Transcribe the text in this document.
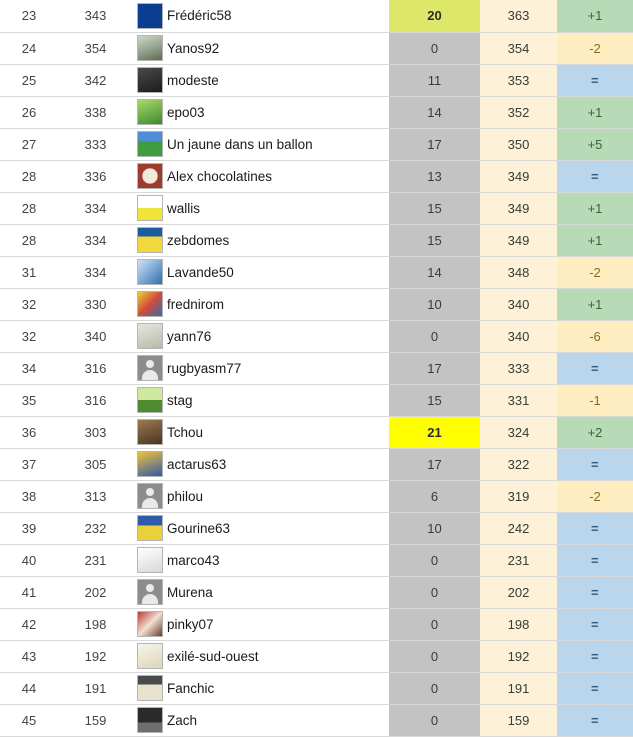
23	343		Frédéric58	20	363	+1
24	354		Yanos92	0	354	-2
25	342		modeste	11	353	=
26	338		epo03	14	352	+1
27	333		Un jaune dans un ballon	17	350	+5
28	336		Alex chocolatines	13	349	=
28	334		wallis	15	349	+1
28	334		zebdomes	15	349	+1
31	334		Lavande50	14	348	-2
32	330		frednirom	10	340	+1
32	340		yann76	0	340	-6
34	316		rugbyasm77	17	333	=
35	316		stag	15	331	-1
36	303		Tchou	21	324	+2
37	305		actarus63	17	322	=
38	313		philou	6	319	-2
39	232		Gourine63	10	242	=
40	231		marco43	0	231	=
41	202		Murena	0	202	=
42	198		pinky07	0	198	=
43	192		exilé-sud-ouest	0	192	=
44	191		Fanchic	0	191	=
45	159		Zach	0	159	=
